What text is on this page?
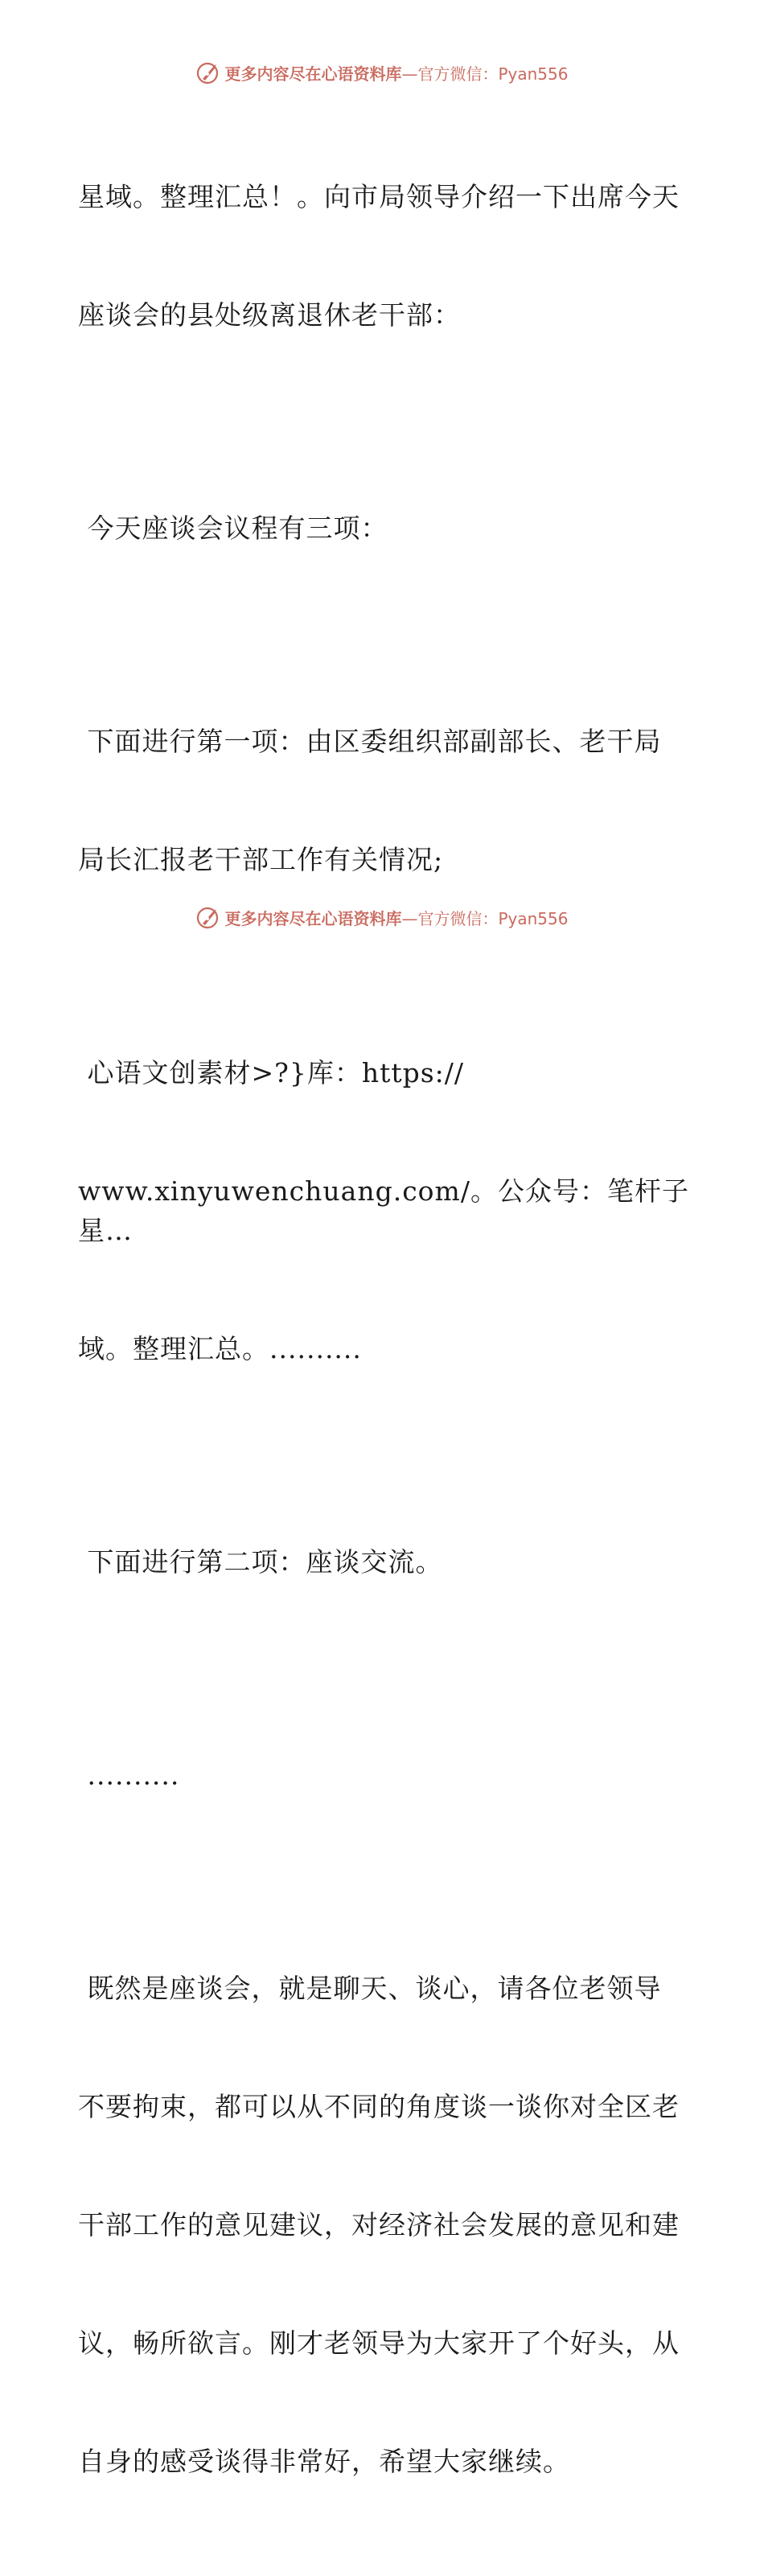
更多内容尽在心语资料库 —官方微信：Pyan556

星域。整理汇总！。向市局领导介绍一下出席今天

座谈会的县处级离退休老干部：

今天座谈会议程有三项：

下面进行第一项：由区委组织部副部长、老干局

局长汇报老干部工作有关情况;

心语文创素材>?}库：https://

www.xinyuwenchuang.com/。公众号：笔杆子星…

域。整理汇总。..........

下面进行第二项：座谈交流。

..........

既然是座谈会，就是聊天、谈心，请各位老领导

不要拘束，都可以从不同的角度谈一谈你对全区老

干部工作的意见建议，对经济社会发展的意见和建

议，畅所欲言。刚才老领导为大家开了个好头，从

自身的感受谈得非常好，希望大家继续。

更多内容尽在心语资料库 —官方微信：Pyan556
